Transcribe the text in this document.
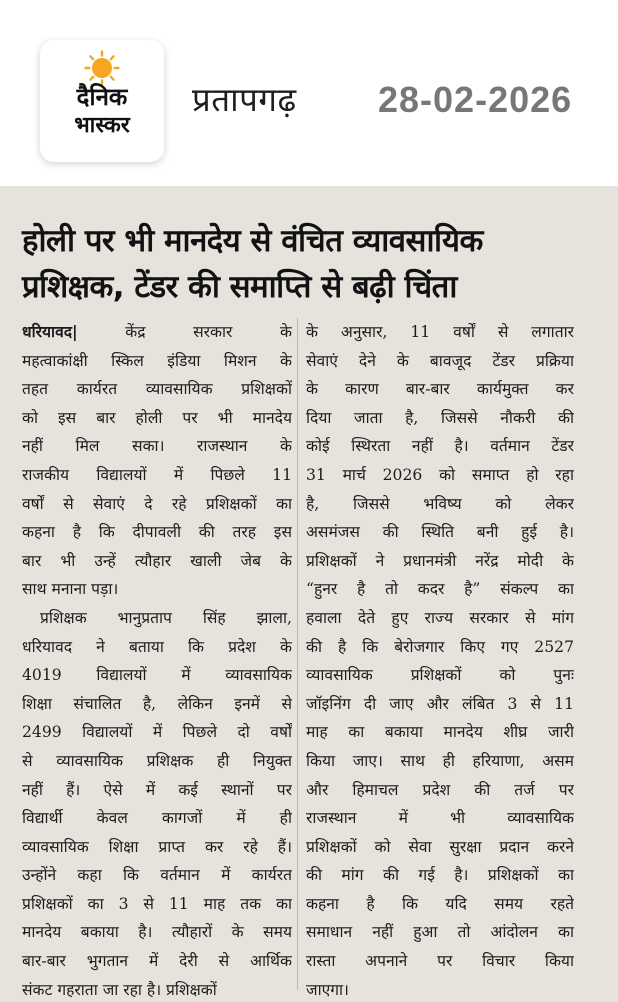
दैनिक
भास्कर
प्रतापगढ़ 28-02-2026
होली पर भी मानदेय से वंचित व्यावसायिक
प्रशिक्षक, टेंडर की समाप्ति से बढ़ी चिंता
धरियावद| केंद्र सरकार के
महत्वाकांक्षी स्किल इंडिया मिशन के
तहत कार्यरत व्यावसायिक प्रशिक्षकों
को इस बार होली पर भी मानदेय
नहीं मिल सका। राजस्थान के
राजकीय विद्यालयों में पिछले 11
वर्षों से सेवाएं दे रहे प्रशिक्षकों का
कहना है कि दीपावली की तरह इस
बार भी उन्हें त्यौहार खाली जेब के
साथ मनाना पड़ा।
प्रशिक्षक भानुप्रताप सिंह झाला,
धरियावद ने बताया कि प्रदेश के
4019 विद्यालयों में व्यावसायिक
शिक्षा संचालित है, लेकिन इनमें से
2499 विद्यालयों में पिछले दो वर्षों
से व्यावसायिक प्रशिक्षक ही नियुक्त
नहीं हैं। ऐसे में कई स्थानों पर
विद्यार्थी केवल कागजों में ही
व्यावसायिक शिक्षा प्राप्त कर रहे हैं।
उन्होंने कहा कि वर्तमान में कार्यरत
प्रशिक्षकों का 3 से 11 माह तक का
मानदेय बकाया है। त्यौहारों के समय
बार-बार भुगतान में देरी से आर्थिक
संकट गहराता जा रहा है। प्रशिक्षकों
के अनुसार, 11 वर्षों से लगातार
सेवाएं देने के बावजूद टेंडर प्रक्रिया
के कारण बार-बार कार्यमुक्त कर
दिया जाता है, जिससे नौकरी की
कोई स्थिरता नहीं है। वर्तमान टेंडर
31 मार्च 2026 को समाप्त हो रहा
है, जिससे भविष्य को लेकर
असमंजस की स्थिति बनी हुई है।
प्रशिक्षकों ने प्रधानमंत्री नरेंद्र मोदी के
“हुनर है तो कदर है” संकल्प का
हवाला देते हुए राज्य सरकार से मांग
की है कि बेरोजगार किए गए 2527
व्यावसायिक प्रशिक्षकों को पुनः
जॉइनिंग दी जाए और लंबित 3 से 11
माह का बकाया मानदेय शीघ्र जारी
किया जाए। साथ ही हरियाणा, असम
और हिमाचल प्रदेश की तर्ज पर
राजस्थान में भी व्यावसायिक
प्रशिक्षकों को सेवा सुरक्षा प्रदान करने
की मांग की गई है। प्रशिक्षकों का
कहना है कि यदि समय रहते
समाधान नहीं हुआ तो आंदोलन का
रास्ता अपनाने पर विचार किया
जाएगा।
